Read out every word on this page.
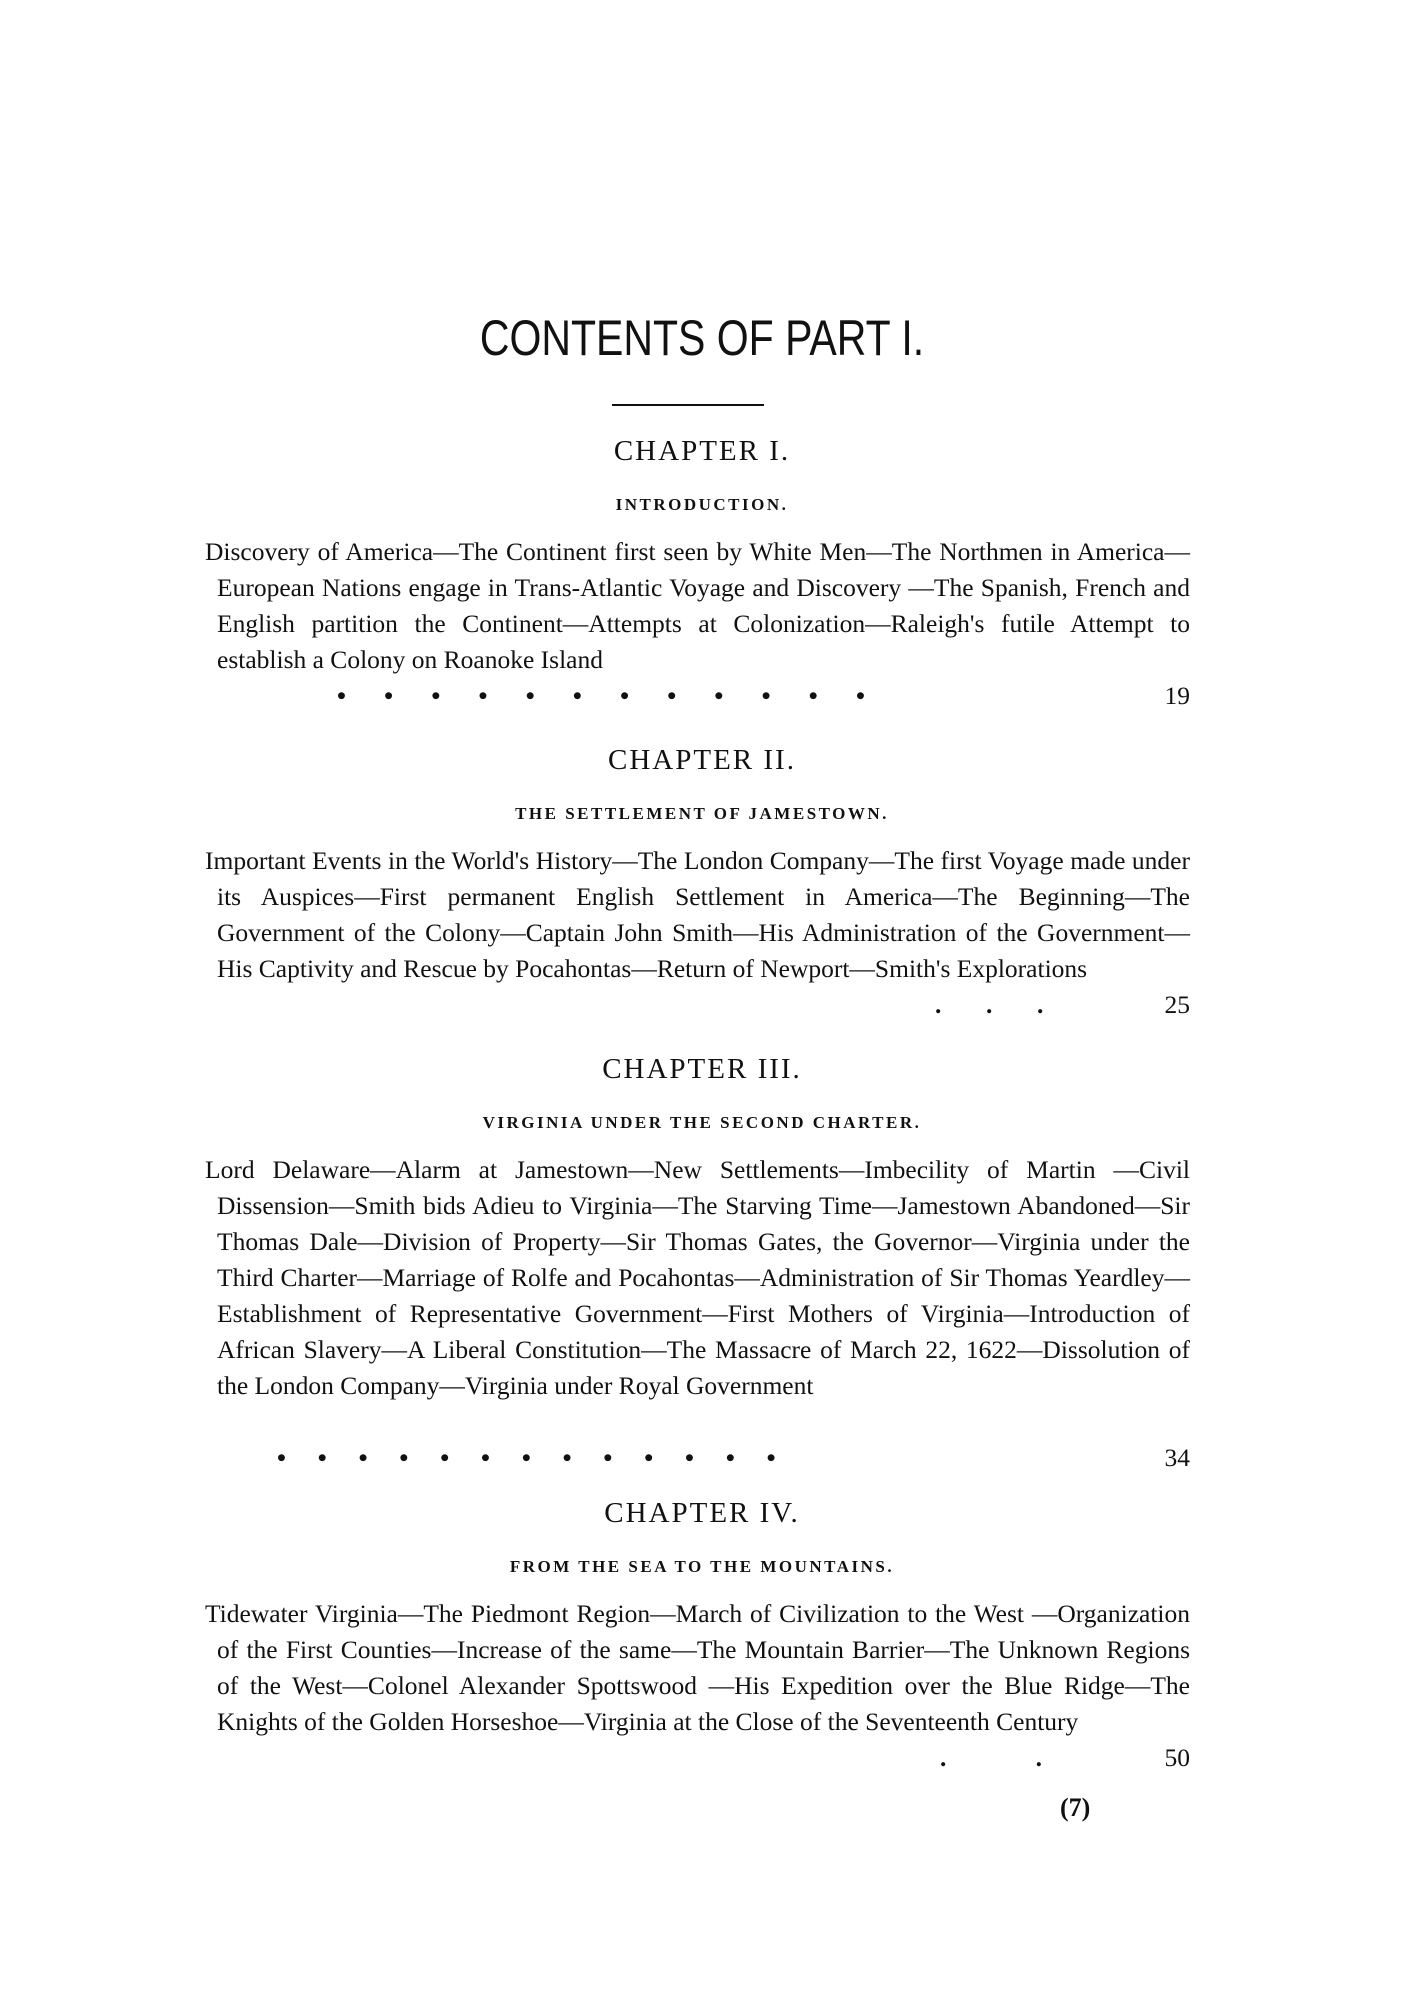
CONTENTS OF PART I.
CHAPTER I.
INTRODUCTION.
Discovery of America—The Continent first seen by White Men—The Northmen in America—European Nations engage in Trans-Atlantic Voyage and Discovery —The Spanish, French and English partition the Continent—Attempts at Colonization—Raleigh's futile Attempt to establish a Colony on Roanoke Island
•      •      •      •      •      •      •      •      •      •      •      •	19
CHAPTER II.
THE SETTLEMENT OF JAMESTOWN.
Important Events in the World's History—The London Company—The first Voyage made under its Auspices—First permanent English Settlement in America—The Beginning—The Government of the Colony—Captain John Smith—His Administration of the Government—His Captivity and Rescue by Pocahontas—Return of Newport—Smith's Explorations
.       .       .	25
CHAPTER III.
VIRGINIA UNDER THE SECOND CHARTER.
Lord Delaware—Alarm at Jamestown—New Settlements—Imbecility of Martin —Civil Dissension—Smith bids Adieu to Virginia—The Starving Time—Jamestown Abandoned—Sir Thomas Dale—Division of Property—Sir Thomas Gates, the Governor—Virginia under the Third Charter—Marriage of Rolfe and Pocahontas—Administration of Sir Thomas Yeardley—Establishment of Representative Government—First Mothers of Virginia—Introduction of African Slavery—A Liberal Constitution—The Massacre of March 22, 1622—Dissolution of the London Company—Virginia under Royal Government
•     •     •     •     •     •     •     •     •     •     •     •     •	34
CHAPTER IV.
FROM THE SEA TO THE MOUNTAINS.
Tidewater Virginia—The Piedmont Region—March of Civilization to the West —Organization of the First Counties—Increase of the same—The Mountain Barrier—The Unknown Regions of the West—Colonel Alexander Spottswood —His Expedition over the Blue Ridge—The Knights of the Golden Horseshoe—Virginia at the Close of the Seventeenth Century
.              .	50
(7)
